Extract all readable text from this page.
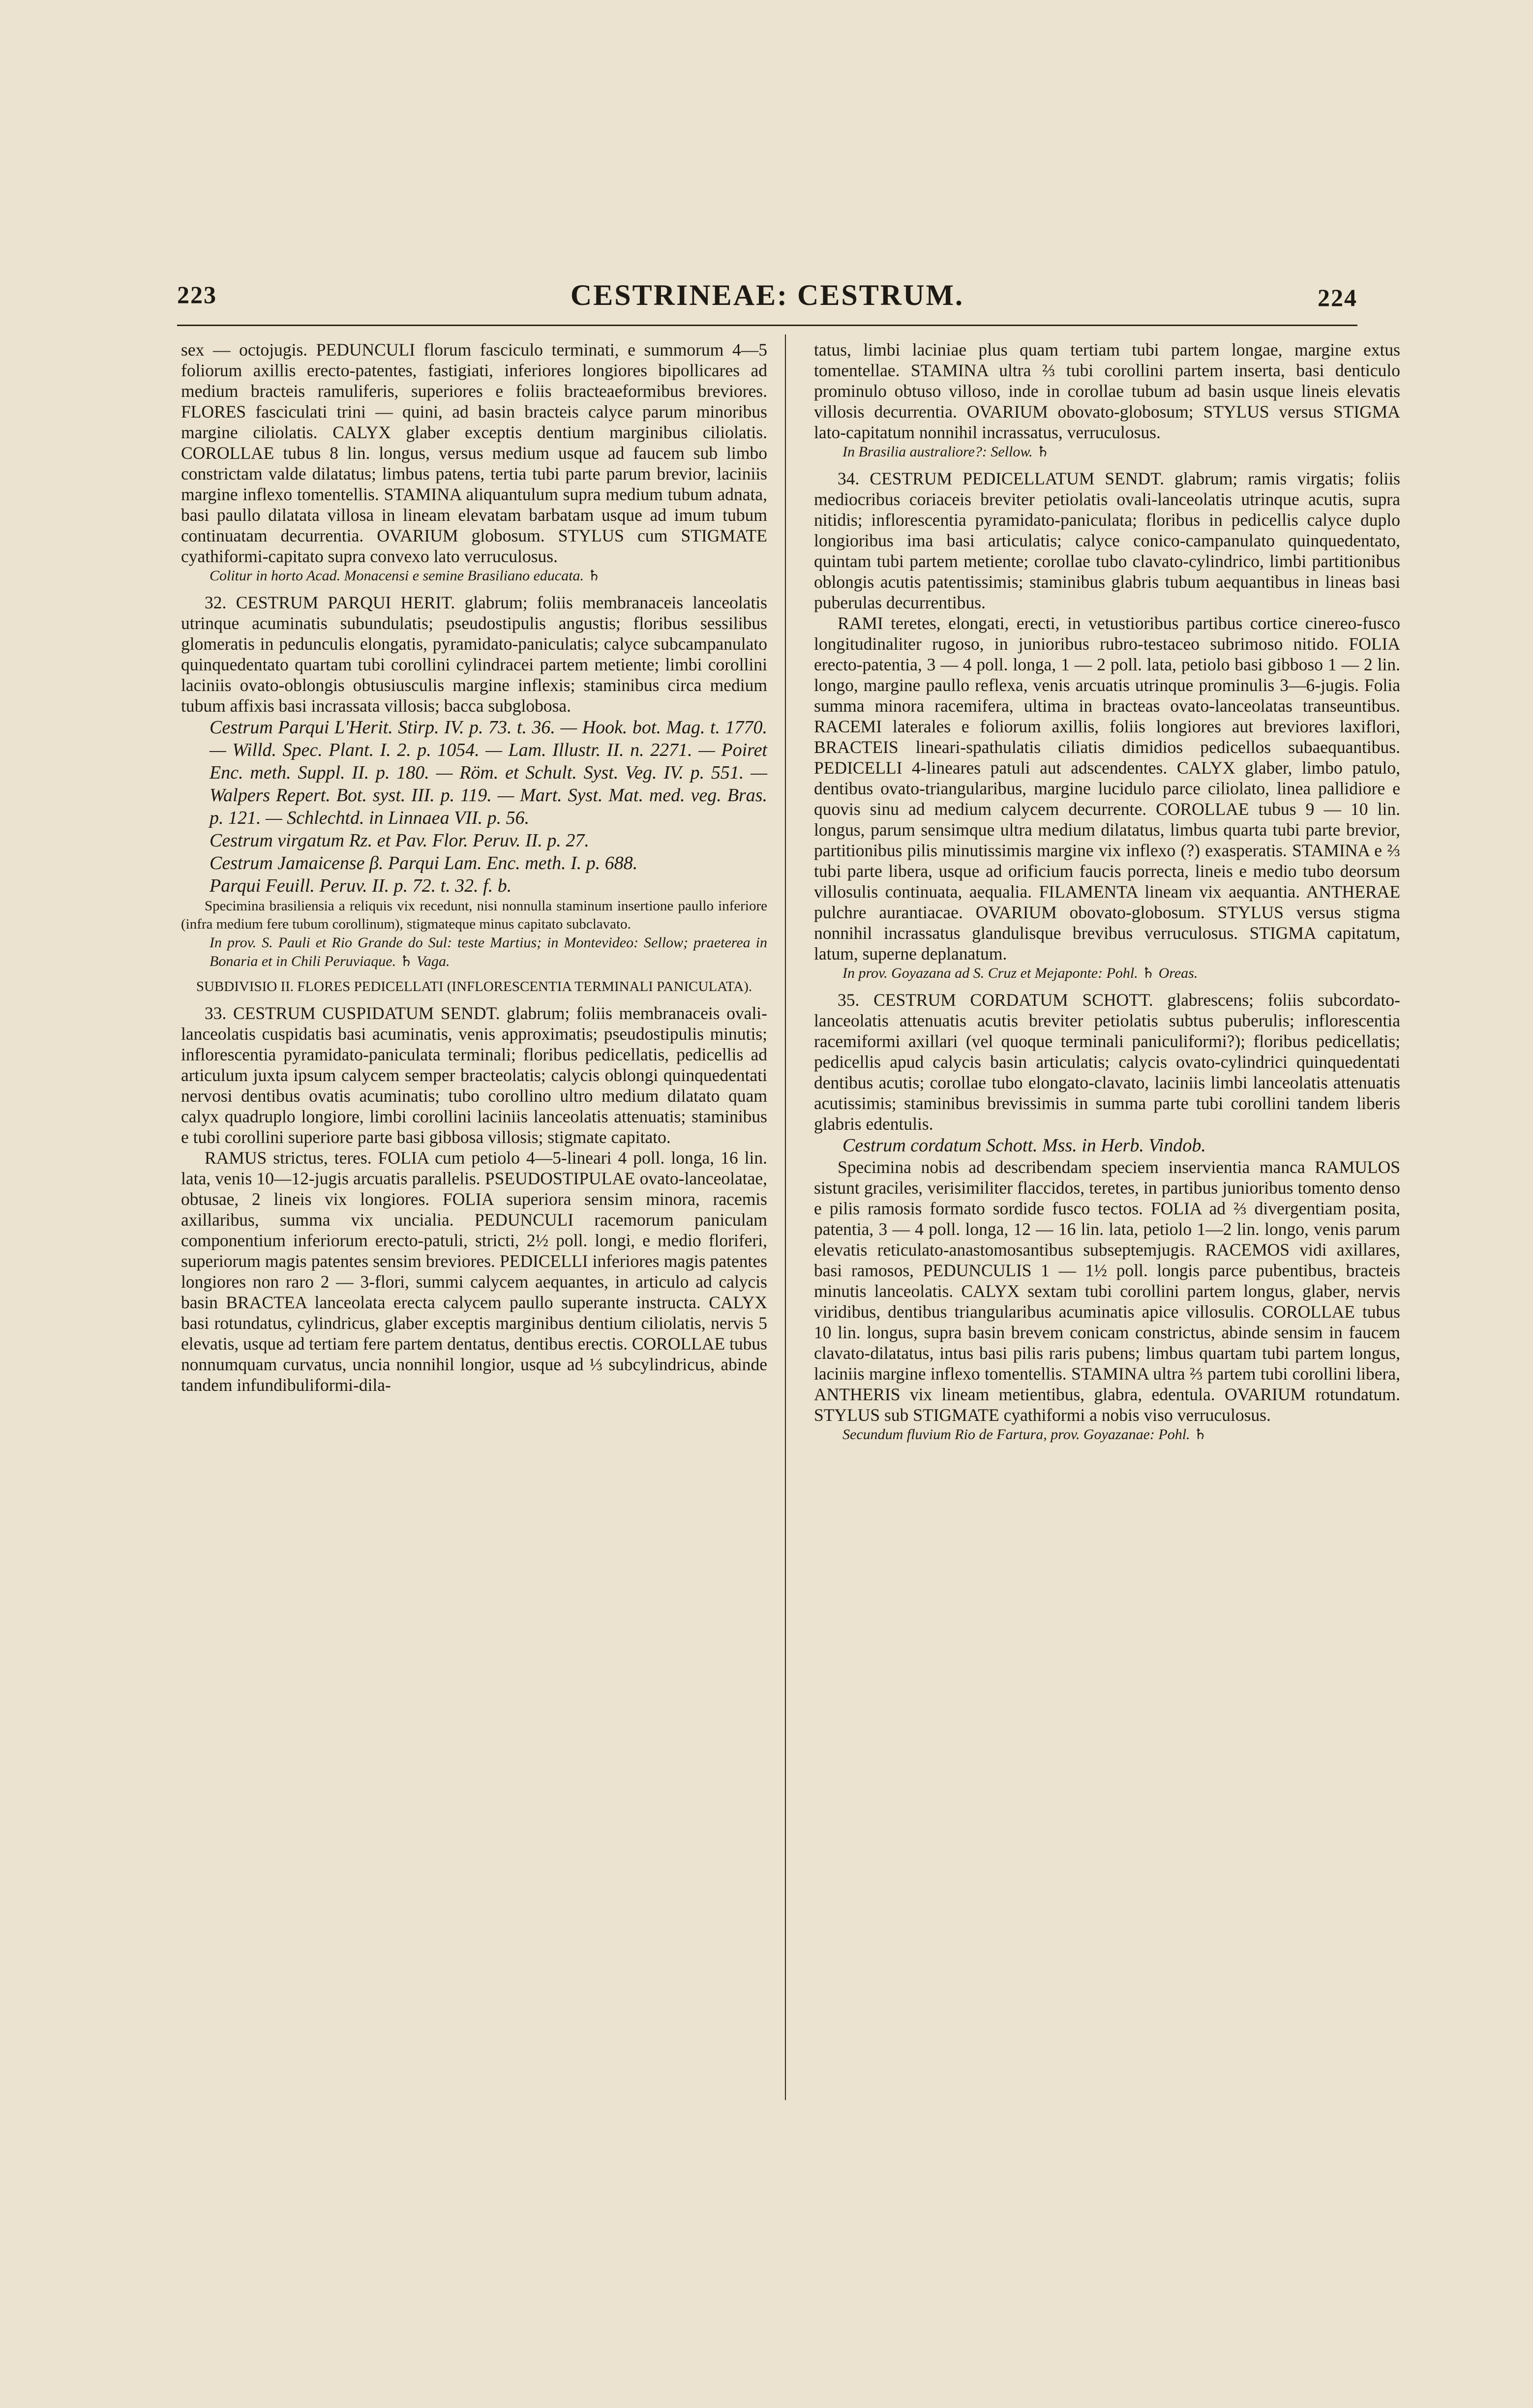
223	CESTRINEAE: CESTRUM.	224

sex — octojugis. PEDUNCULI florum fasciculo terminati, e summorum 4—5 foliorum axillis erecto-patentes, fastigiati, inferiores longiores bipollicares ad medium bracteis ramuliferis, superiores e foliis bracteaeformibus breviores. FLORES fasciculati trini — quini, ad basin bracteis calyce parum minoribus margine ciliolatis. CALYX glaber exceptis dentium marginibus ciliolatis. COROLLAE tubus 8 lin. longus, versus medium usque ad faucem sub limbo constrictam valde dilatatus; limbus patens, tertia tubi parte parum brevior, laciniis margine inflexo tomentellis. STAMINA aliquantulum supra medium tubum adnata, basi paullo dilatata villosa in lineam elevatam barbatam usque ad imum tubum continuatam decurrentia. OVARIUM globosum. STYLUS cum STIGMATE cyathiformi-capitato supra convexo lato verruculosus.

Colitur in horto Acad. Monacensi e semine Brasiliano educata. ♄

32. CESTRUM PARQUI HERIT. glabrum; foliis membranaceis lanceolatis utrinque acuminatis subundulatis; pseudostipulis angustis; floribus sessilibus glomeratis in pedunculis elongatis, pyramidato-paniculatis; calyce subcampanulato quinquedentato quartam tubi corollini cylindracei partem metiente; limbi corollini laciniis ovato-oblongis obtusiusculis margine inflexis; staminibus circa medium tubum affixis basi incrassata villosis; bacca subglobosa.

Cestrum Parqui L'Herit. Stirp. IV. p. 73. t. 36. — Hook. bot. Mag. t. 1770. — Willd. Spec. Plant. I. 2. p. 1054. — Lam. Illustr. II. n. 2271. — Poiret Enc. meth. Suppl. II. p. 180. — Röm. et Schult. Syst. Veg. IV. p. 551. — Walpers Repert. Bot. syst. III. p. 119. — Mart. Syst. Mat. med. veg. Bras. p. 121. — Schlechtd. in Linnaea VII. p. 56.

Cestrum virgatum Rz. et Pav. Flor. Peruv. II. p. 27.

Cestrum Jamaicense β. Parqui Lam. Enc. meth. I. p. 688.

Parqui Feuill. Peruv. II. p. 72. t. 32. f. b.

Specimina brasiliensia a reliquis vix recedunt, nisi nonnulla staminum insertione paullo inferiore (infra medium fere tubum corollinum), stigmateque minus capitato subclavato.

In prov. S. Pauli et Rio Grande do Sul: teste Martius; in Montevideo: Sellow; praeterea in Bonaria et in Chili Peruviaque. ♄ Vaga.

SUBDIVISIO II. FLORES PEDICELLATI (INFLORESCENTIA TERMINALI PANICULATA).

33. CESTRUM CUSPIDATUM SENDT. glabrum; foliis membranaceis ovali-lanceolatis cuspidatis basi acuminatis, venis approximatis; pseudostipulis minutis; inflorescentia pyramidato-paniculata terminali; floribus pedicellatis, pedicellis ad articulum juxta ipsum calycem semper bracteolatis; calycis oblongi quinquedentati nervosi dentibus ovatis acuminatis; tubo corollino ultro medium dilatato quam calyx quadruplo longiore, limbi corollini laciniis lanceolatis attenuatis; staminibus e tubi corollini superiore parte basi gibbosa villosis; stigmate capitato.

RAMUS strictus, teres. FOLIA cum petiolo 4—5-lineari 4 poll. longa, 16 lin. lata, venis 10—12-jugis arcuatis parallelis. PSEUDOSTIPULAE ovato-lanceolatae, obtusae, 2 lineis vix longiores. FOLIA superiora sensim minora, racemis axillaribus, summa vix uncialia. PEDUNCULI racemorum paniculam componentium inferiorum erecto-patuli, stricti, 2½ poll. longi, e medio floriferi, superiorum magis patentes sensim breviores. PEDICELLI inferiores magis patentes longiores non raro 2 — 3-flori, summi calycem aequantes, in articulo ad calycis basin BRACTEA lanceolata erecta calycem paullo superante instructa. CALYX basi rotundatus, cylindricus, glaber exceptis marginibus dentium ciliolatis, nervis 5 elevatis, usque ad tertiam fere partem dentatus, dentibus erectis. COROLLAE tubus nonnumquam curvatus, uncia nonnihil longior, usque ad ⅓ subcylindricus, abinde tandem infundibuliformi-dila-

tatus, limbi laciniae plus quam tertiam tubi partem longae, margine extus tomentellae. STAMINA ultra ⅔ tubi corollini partem inserta, basi denticulo prominulo obtuso villoso, inde in corollae tubum ad basin usque lineis elevatis villosis decurrentia. OVARIUM obovato-globosum; STYLUS versus STIGMA lato-capitatum nonnihil incrassatus, verruculosus.

In Brasilia australiore?: Sellow. ♄

34. CESTRUM PEDICELLATUM SENDT. glabrum; ramis virgatis; foliis mediocribus coriaceis breviter petiolatis ovali-lanceolatis utrinque acutis, supra nitidis; inflorescentia pyramidato-paniculata; floribus in pedicellis calyce duplo longioribus ima basi articulatis; calyce conico-campanulato quinquedentato, quintam tubi partem metiente; corollae tubo clavato-cylindrico, limbi partitionibus oblongis acutis patentissimis; staminibus glabris tubum aequantibus in lineas basi puberulas decurrentibus.

RAMI teretes, elongati, erecti, in vetustioribus partibus cortice cinereo-fusco longitudinaliter rugoso, in junioribus rubro-testaceo subrimoso nitido. FOLIA erecto-patentia, 3 — 4 poll. longa, 1 — 2 poll. lata, petiolo basi gibboso 1 — 2 lin. longo, margine paullo reflexa, venis arcuatis utrinque prominulis 3—6-jugis. Folia summa minora racemifera, ultima in bracteas ovato-lanceolatas transeuntibus. RACEMI laterales e foliorum axillis, foliis longiores aut breviores laxiflori, BRACTEIS lineari-spathulatis ciliatis dimidios pedicellos subaequantibus. PEDICELLI 4-lineares patuli aut adscendentes. CALYX glaber, limbo patulo, dentibus ovato-triangularibus, margine lucidulo parce ciliolato, linea pallidiore e quovis sinu ad medium calycem decurrente. COROLLAE tubus 9 — 10 lin. longus, parum sensimque ultra medium dilatatus, limbus quarta tubi parte brevior, partitionibus pilis minutissimis margine vix inflexo (?) exasperatis. STAMINA e ⅔ tubi parte libera, usque ad orificium faucis porrecta, lineis e medio tubo deorsum villosulis continuata, aequalia. FILAMENTA lineam vix aequantia. ANTHERAE pulchre aurantiacae. OVARIUM obovato-globosum. STYLUS versus stigma nonnihil incrassatus glandulisque brevibus verruculosus. STIGMA capitatum, latum, superne deplanatum.

In prov. Goyazana ad S. Cruz et Mejaponte: Pohl. ♄ Oreas.

35. CESTRUM CORDATUM SCHOTT. glabrescens; foliis subcordato-lanceolatis attenuatis acutis breviter petiolatis subtus puberulis; inflorescentia racemiformi axillari (vel quoque terminali paniculiformi?); floribus pedicellatis; pedicellis apud calycis basin articulatis; calycis ovato-cylindrici quinquedentati dentibus acutis; corollae tubo elongato-clavato, laciniis limbi lanceolatis attenuatis acutissimis; staminibus brevissimis in summa parte tubi corollini tandem liberis glabris edentulis.

Cestrum cordatum Schott. Mss. in Herb. Vindob.

Specimina nobis ad describendam speciem inservientia manca RAMULOS sistunt graciles, verisimiliter flaccidos, teretes, in partibus junioribus tomento denso e pilis ramosis formato sordide fusco tectos. FOLIA ad ⅔ divergentiam posita, patentia, 3 — 4 poll. longa, 12 — 16 lin. lata, petiolo 1—2 lin. longo, venis parum elevatis reticulato-anastomosantibus subseptemjugis. RACEMOS vidi axillares, basi ramosos, PEDUNCULIS 1 — 1½ poll. longis parce pubentibus, bracteis minutis lanceolatis. CALYX sextam tubi corollini partem longus, glaber, nervis viridibus, dentibus triangularibus acuminatis apice villosulis. COROLLAE tubus 10 lin. longus, supra basin brevem conicam constrictus, abinde sensim in faucem clavato-dilatatus, intus basi pilis raris pubens; limbus quartam tubi partem longus, laciniis margine inflexo tomentellis. STAMINA ultra ⅔ partem tubi corollini libera, ANTHERIS vix lineam metientibus, glabra, edentula. OVARIUM rotundatum. STYLUS sub STIGMATE cyathiformi a nobis viso verruculosus.

Secundum fluvium Rio de Fartura, prov. Goyazanae: Pohl. ♄
